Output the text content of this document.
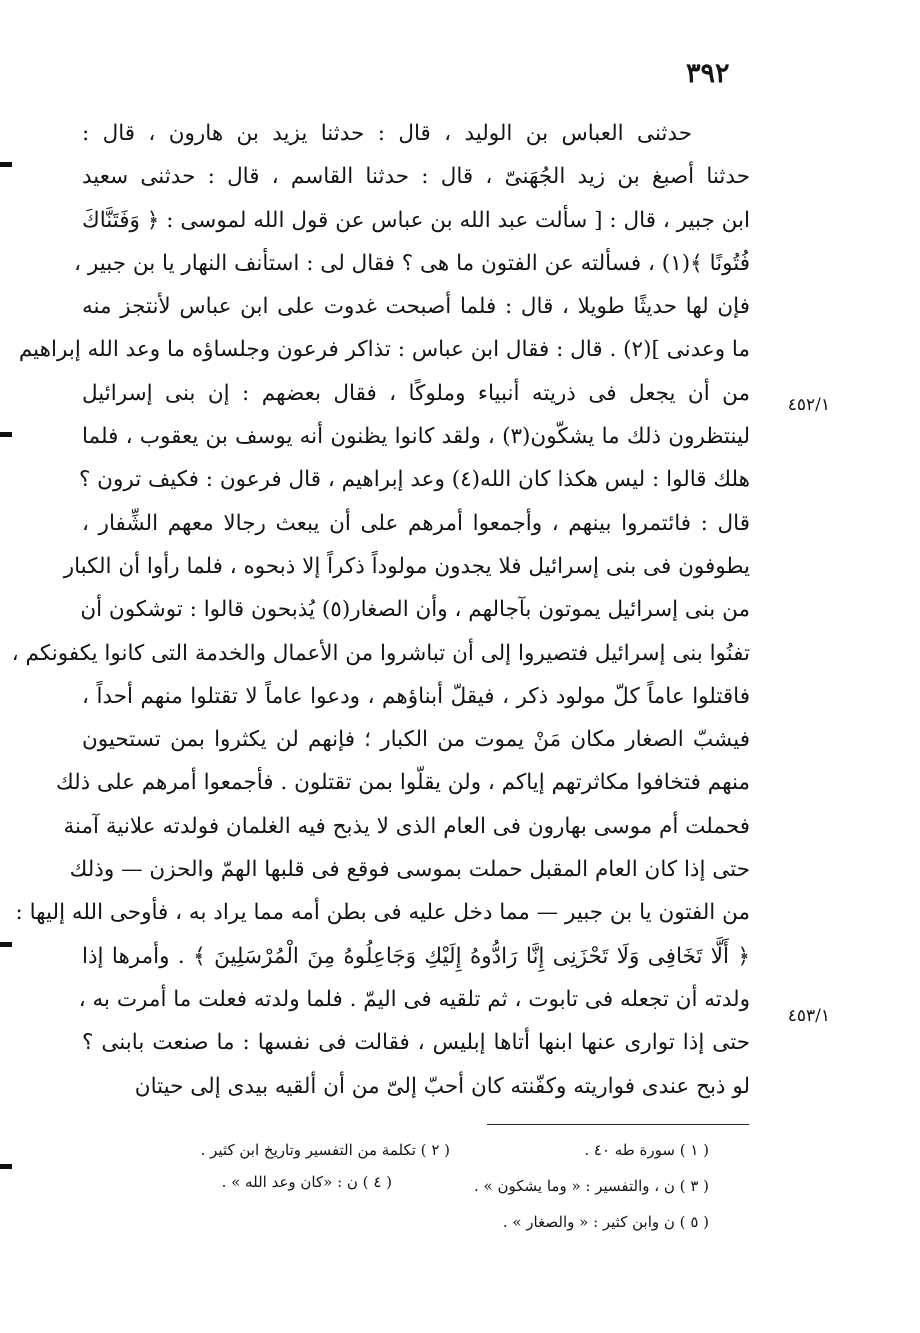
٣٩٢
حدثنى العباس بن الوليد ، قال : حدثنا يزيد بن هارون ، قال :
حدثنا أصبغ بن زيد الجُهَنىّ ، قال : حدثنا القاسم ، قال : حدثنى سعيد
ابن جبير ، قال : [ سألت عبد الله بن عباس عن قول الله لموسى : ﴿ وَفَتَنَّاكَ
فُتُونًا ﴾(١) ، فسألته عن الفتون ما هى ؟ فقال لى : استأنف النهار يا بن جبير ،
فإن لها حديثًا طويلا ، قال : فلما أصبحت غدوت على ابن عباس لأنتجز منه
ما وعدنى ](٢) . قال : فقال ابن عباس : تذاكر فرعون وجلساؤه ما وعد الله إبراهيم
من أن يجعل فى ذريته أنبياء وملوكًا ، فقال بعضهم : إن بنى إسرائيل
لينتظرون ذلك ما يشكّون(٣) ، ولقد كانوا يظنون أنه يوسف بن يعقوب ، فلما
هلك قالوا : ليس هكذا كان الله(٤) وعد إبراهيم ، قال فرعون : فكيف ترون ؟
قال : فائتمروا بينهم ، وأجمعوا أمرهم على أن يبعث رجالا معهم الشِّفار ،
يطوفون فى بنى إسرائيل فلا يجدون مولوداً ذكراً إلا ذبحوه ، فلما رأوا أن الكبار
من بنى إسرائيل يموتون بآجالهم ، وأن الصغار(٥) يُذبحون قالوا : توشكون أن
تفنُوا بنى إسرائيل فتصيروا إلى أن تباشروا من الأعمال والخدمة التى كانوا يكفونكم ،
فاقتلوا عاماً كلّ مولود ذكر ، فيقلّ أبناؤهم ، ودعوا عاماً لا تقتلوا منهم أحداً ،
فيشبّ الصغار مكان مَنْ يموت من الكبار ؛ فإنهم لن يكثروا بمن تستحيون
منهم فتخافوا مكاثرتهم إياكم ، ولن يقلّوا بمن تقتلون . فأجمعوا أمرهم على ذلك
فحملت أم موسى بهارون فى العام الذى لا يذبح فيه الغلمان فولدته علانية آمنة
حتى إذا كان العام المقبل حملت بموسى فوقع فى قلبها الهمّ والحزن — وذلك
من الفتون يا بن جبير — مما دخل عليه فى بطن أمه مما يراد به ، فأوحى الله إليها :
﴿ أَلَّا تَخَافِى وَلَا تَحْزَنِى إِنَّا رَادُّوهُ إِلَيْكِ وَجَاعِلُوهُ مِنَ الْمُرْسَلِينَ ﴾ . وأمرها إذا
ولدته أن تجعله فى تابوت ، ثم تلقيه فى اليمّ . فلما ولدته فعلت ما أمرت به ،
حتى إذا توارى عنها ابنها أتاها إبليس ، فقالت فى نفسها : ما صنعت بابنى ؟
لو ذبح عندى فواريته وكفّنته كان أحبّ إلىّ من أن ألقيه بيدى إلى حيتان
٤٥٢/١
٤٥٣/١
( ١ ) سورة طه ٤٠ .
( ٢ ) تكلمة من التفسير وتاريخ ابن كثير .
( ٣ ) ن ، والتفسير : « وما يشكون » .
( ٤ ) ن : «كان وعد الله » .
( ٥ ) ن وابن كثير : « والصغار » .
